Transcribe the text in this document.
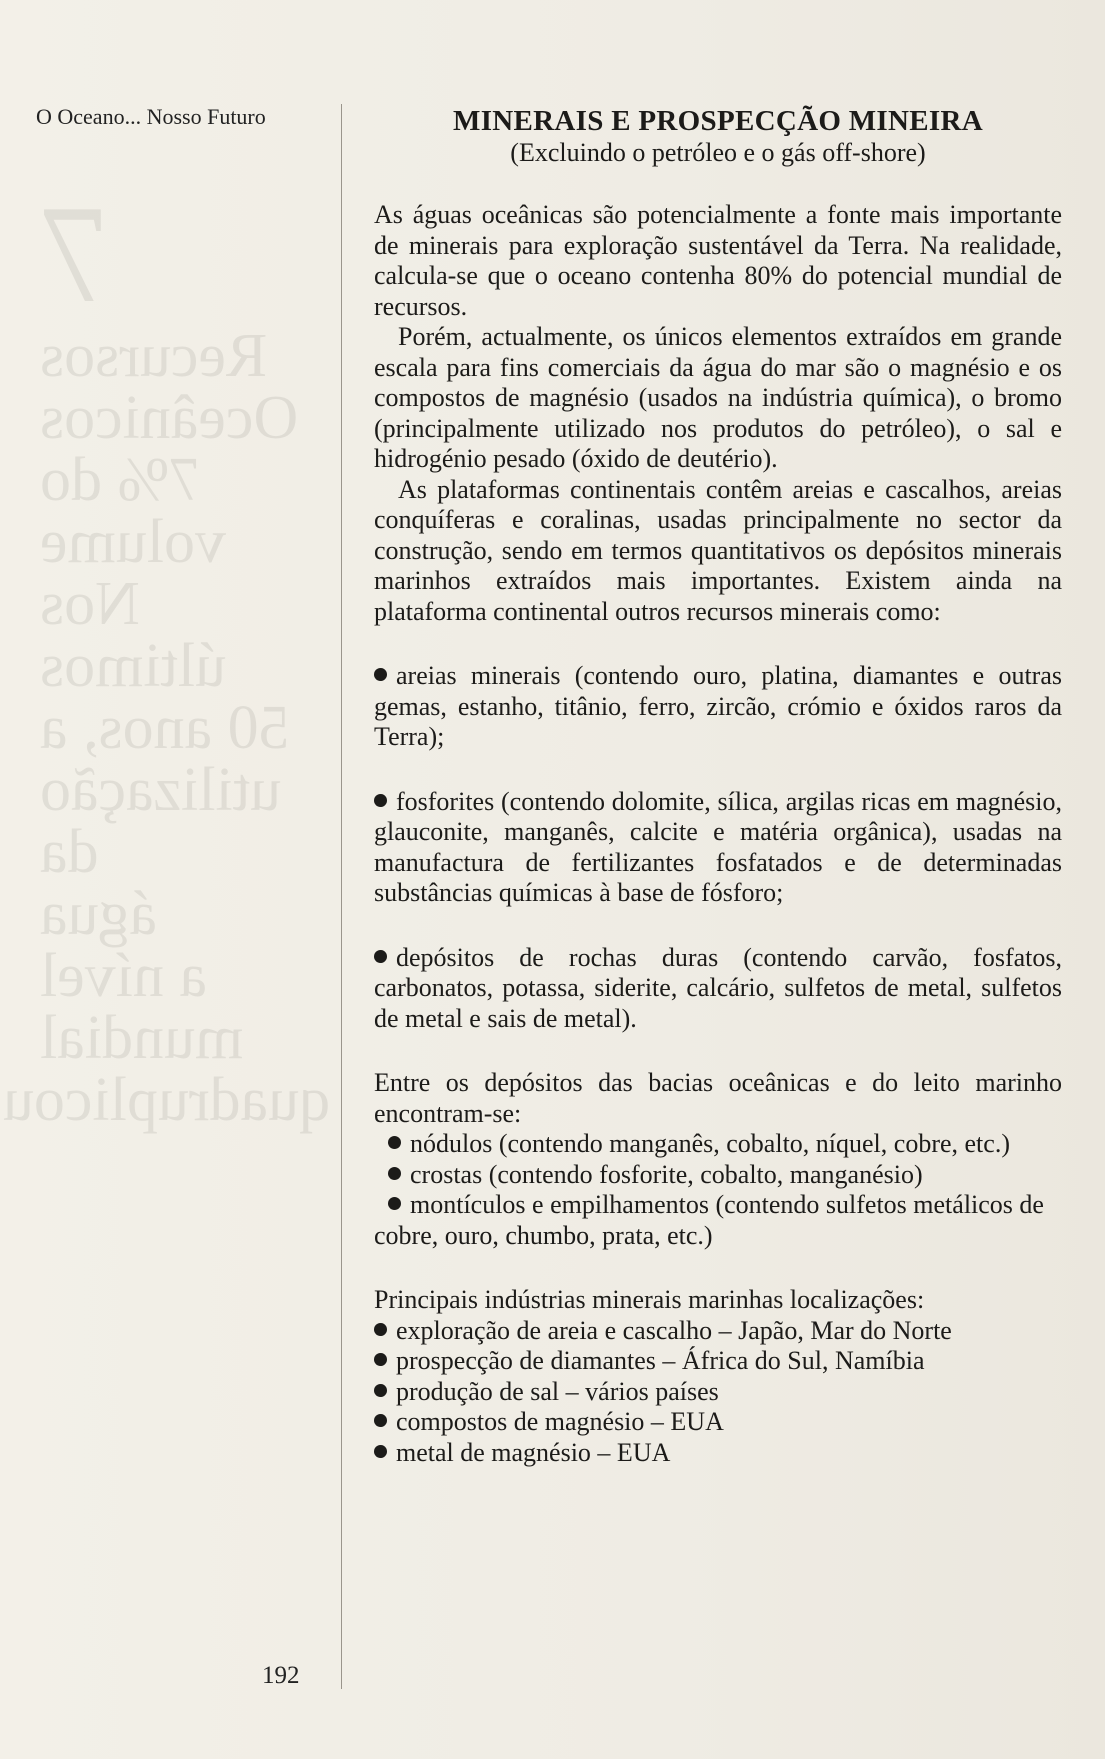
O Oceano... Nosso Futuro
7
Recursos
Oceânicos
7% do
volume
Nos últimos
50 anos, a
utilização da
água
a nível
mundial
quadruplicou
192
MINERAIS E PROSPECÇÃO MINEIRA
(Excluindo o petróleo e o gás off-shore)

As águas oceânicas são potencialmente a fonte mais importante de minerais para exploração sustentável da Terra. Na realidade, calcula-se que o oceano contenha 80% do potencial mundial de recursos.

Porém, actualmente, os únicos elementos extraídos em grande escala para fins comerciais da água do mar são o magnésio e os compostos de magnésio (usados na indústria química), o bromo (principalmente utilizado nos produtos do petróleo), o sal e hidrogénio pesado (óxido de deutério).

As plataformas continentais contêm areias e cascalhos, areias conquíferas e coralinas, usadas principalmente no sector da construção, sendo em termos quantitativos os depósitos minerais marinhos extraídos mais importantes. Existem ainda na plataforma continental outros recursos minerais como:

areias minerais (contendo ouro, platina, diamantes e outras gemas, estanho, titânio, ferro, zircão, crómio e óxidos raros da Terra);

fosforites (contendo dolomite, sílica, argilas ricas em magnésio, glauconite, manganês, calcite e matéria orgânica), usadas na manufactura de fertilizantes fosfatados e de determinadas substâncias químicas à base de fósforo;

depósitos de rochas duras (contendo carvão, fosfatos, carbonatos, potassa, siderite, calcário, sulfetos de metal, sulfetos de metal e sais de metal).

Entre os depósitos das bacias oceânicas e do leito marinho encontram-se:

nódulos (contendo manganês, cobalto, níquel, cobre, etc.)

crostas (contendo fosforite, cobalto, manganésio)

montículos e empilhamentos (contendo sulfetos metálicos de cobre, ouro, chumbo, prata, etc.)

Principais indústrias minerais marinhas localizações:

exploração de areia e cascalho – Japão, Mar do Norte

prospecção de diamantes – África do Sul, Namíbia

produção de sal – vários países

compostos de magnésio – EUA

metal de magnésio – EUA
